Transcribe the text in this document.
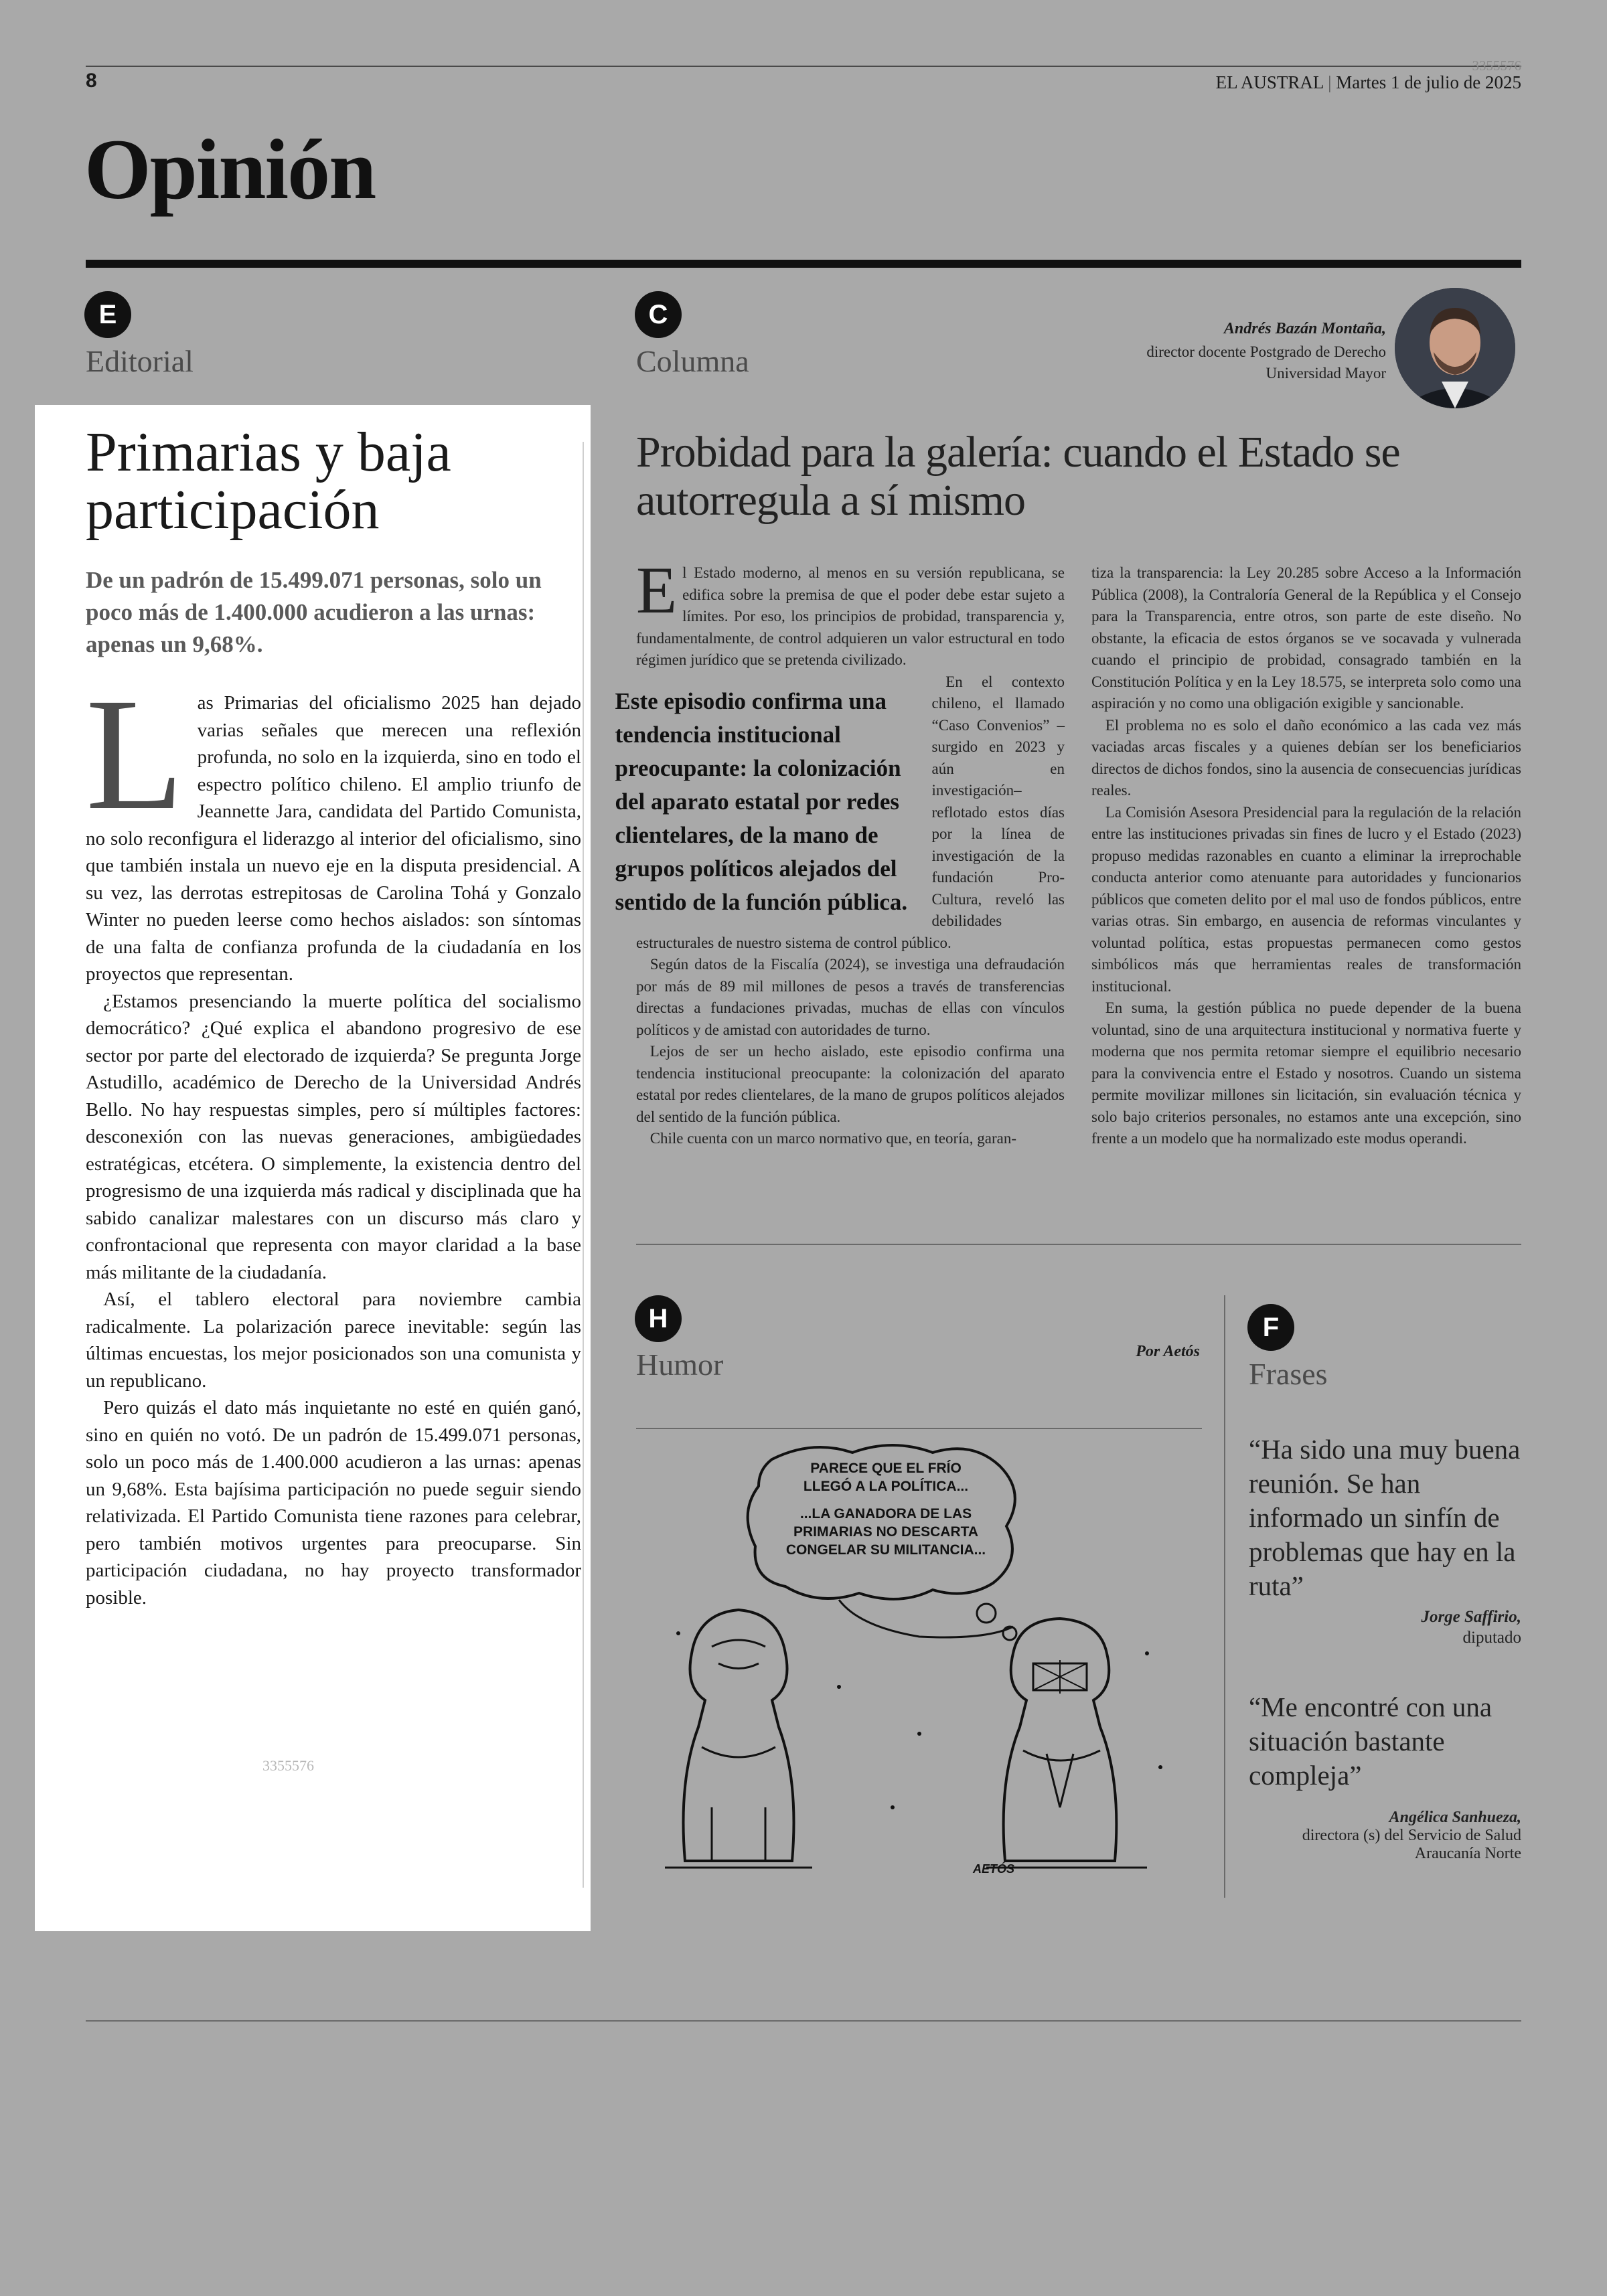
8
3355576
EL AUSTRAL | Martes 1 de julio de 2025
Opinión
E
Editorial
Primarias y baja participación
De un padrón de 15.499.071 personas, solo un poco más de 1.400.000 acudieron a las urnas: apenas un 9,68%.

L as Primarias del oficialismo 2025 han dejado varias señales que merecen una reflexión profunda, no solo en la izquierda, sino en todo el espectro político chileno. El amplio triunfo de Jeannette Jara, candidata del Partido Comunista, no solo reconfigura el liderazgo al interior del oficialismo, sino que también instala un nuevo eje en la disputa presidencial. A su vez, las derrotas estrepitosas de Carolina Tohá y Gonzalo Winter no pueden leerse como hechos aislados: son síntomas de una falta de confianza profunda de la ciudadanía en los proyectos que representan.

¿Estamos presenciando la muerte política del socialismo democrático? ¿Qué explica el abandono progresivo de ese sector por parte del electorado de izquierda? Se pregunta Jorge Astudillo, académico de Derecho de la Universidad Andrés Bello. No hay respuestas simples, pero sí múltiples factores: desconexión con las nuevas generaciones, ambigüedades estratégicas, etcétera. O simplemente, la existencia dentro del progresismo de una izquierda más radical y disciplinada que ha sabido canalizar malestares con un discurso más claro y confrontacional que representa con mayor claridad a la base más militante de la ciudadanía.

Así, el tablero electoral para noviembre cambia radicalmente. La polarización parece inevitable: según las últimas encuestas, los mejor posicionados son una comunista y un republicano.

Pero quizás el dato más inquietante no esté en quién ganó, sino en quién no votó. De un padrón de 15.499.071 personas, solo un poco más de 1.400.000 acudieron a las urnas: apenas un 9,68%. Esta bajísima participación no puede seguir siendo relativizada. El Partido Comunista tiene razones para celebrar, pero también motivos urgentes para preocuparse. Sin participación ciudadana, no hay proyecto transformador posible.

3355576
C
Columna
Andrés Bazán Montaña,
director docente Postgrado de Derecho Universidad Mayor
Probidad para la galería: cuando el Estado se autorregula a sí mismo

El Estado moderno, al menos en su versión republicana, se edifica sobre la premisa de que el poder debe estar sujeto a límites. Por eso, los principios de probidad, transparencia y, fundamentalmente, de control adquieren un valor estructural en todo régimen jurídico que se pretenda civilizado.

Este episodio confirma una tendencia institucional preocupante: la colonización del aparato estatal por redes clientelares, de la mano de grupos políticos alejados del sentido de la función pública.
En el contexto chileno, el llamado “Caso Convenios” –surgido en 2023 y aún en investigación– reflotado estos días por la línea de investigación de la fundación Pro-Cultura, reveló las debilidades estructurales de nuestro sistema de control público.

Según datos de la Fiscalía (2024), se investiga una defraudación por más de 89 mil millones de pesos a través de transferencias directas a fundaciones privadas, muchas de ellas con vínculos políticos y de amistad con autoridades de turno.

Lejos de ser un hecho aislado, este episodio confirma una tendencia institucional preocupante: la colonización del aparato estatal por redes clientelares, de la mano de grupos políticos alejados del sentido de la función pública.

Chile cuenta con un marco normativo que, en teoría, garan-

tiza la transparencia: la Ley 20.285 sobre Acceso a la Información Pública (2008), la Contraloría General de la República y el Consejo para la Transparencia, entre otros, son parte de este diseño. No obstante, la eficacia de estos órganos se ve socavada y vulnerada cuando el principio de probidad, consagrado también en la Constitución Política y en la Ley 18.575, se interpreta solo como una aspiración y no como una obligación exigible y sancionable.

El problema no es solo el daño económico a las cada vez más vaciadas arcas fiscales y a quienes debían ser los beneficiarios directos de dichos fondos, sino la ausencia de consecuencias jurídicas reales.

La Comisión Asesora Presidencial para la regulación de la relación entre las instituciones privadas sin fines de lucro y el Estado (2023) propuso medidas razonables en cuanto a eliminar la irreprochable conducta anterior como atenuante para autoridades y funcionarios públicos que cometen delito por el mal uso de fondos públicos, entre varias otras. Sin embargo, en ausencia de reformas vinculantes y voluntad política, estas propuestas permanecen como gestos simbólicos más que herramientas reales de transformación institucional.

En suma, la gestión pública no puede depender de la buena voluntad, sino de una arquitectura institucional y normativa fuerte y moderna que nos permita retomar siempre el equilibrio necesario para la convivencia entre el Estado y nosotros. Cuando un sistema permite movilizar millones sin licitación, sin evaluación técnica y solo bajo criterios personales, no estamos ante una excepción, sino frente a un modelo que ha normalizado este modus operandi.

H
Humor	Por Aetós
PARECE QUE EL FRÍO LLEGÓ A LA POLÍTICA...
...LA GANADORA DE LAS PRIMARIAS NO DESCARTA CONGELAR SU MILITANCIA...
AETÓS
F
Frases
“Ha sido una muy buena reunión. Se han informado un sinfín de problemas que hay en la ruta”
Jorge Saffirio,
diputado
“Me encontré con una situación bastante compleja”
Angélica Sanhueza,
directora (s) del Servicio de Salud Araucanía Norte
